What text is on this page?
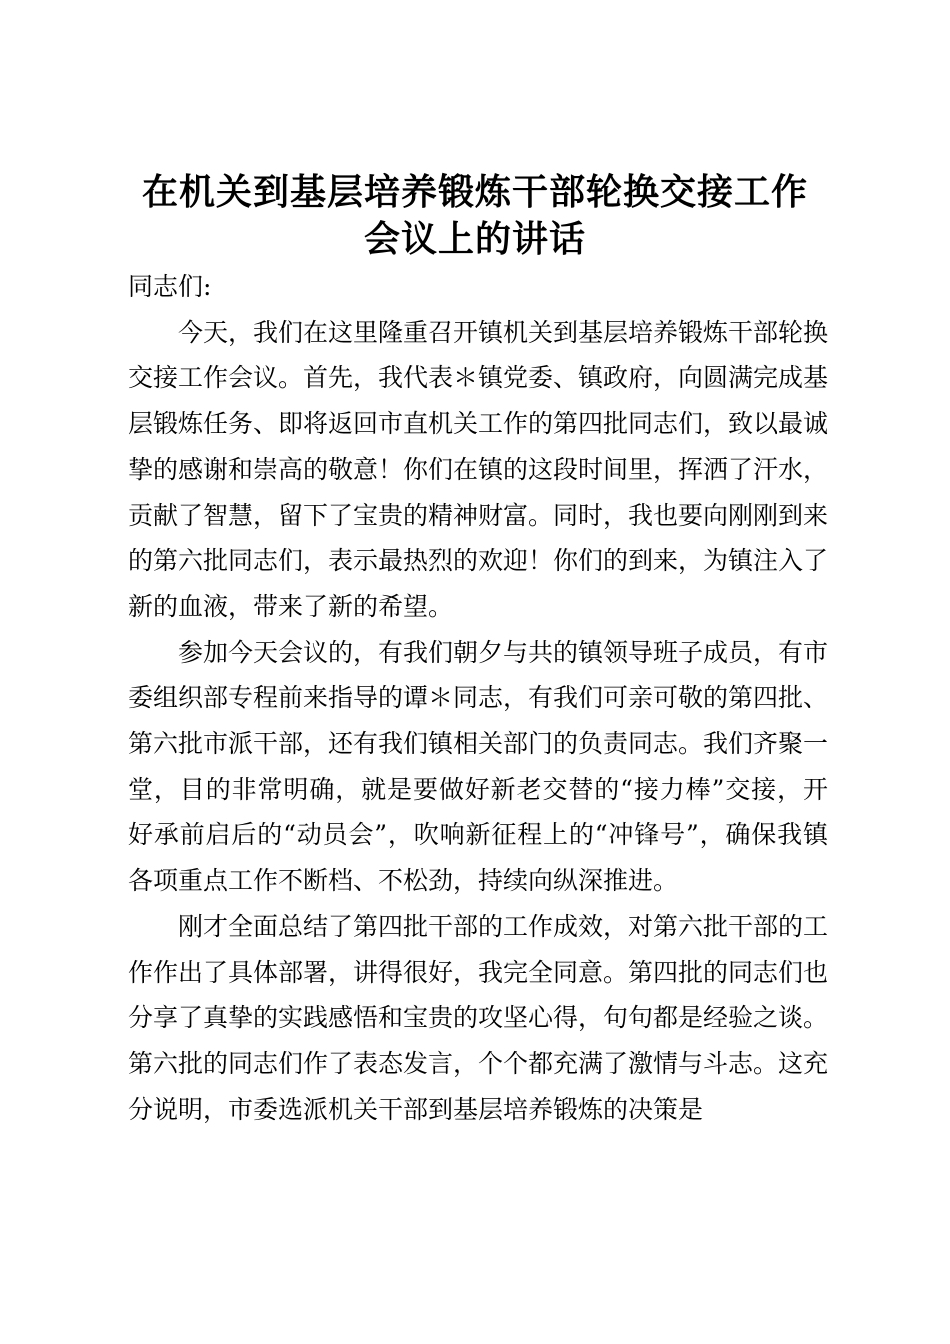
在机关到基层培养锻炼干部轮换交接工作
会议上的讲话

同志们:

今天，我们在这里隆重召开镇机关到基层培养锻炼干部轮换交接工作会议。首先，我代表＊镇党委、镇政府，向圆满完成基层锻炼任务、即将返回市直机关工作的第四批同志们，致以最诚挚的感谢和崇高的敬意！你们在镇的这段时间里，挥洒了汗水，贡献了智慧，留下了宝贵的精神财富。同时，我也要向刚刚到来的第六批同志们，表示最热烈的欢迎！你们的到来，为镇注入了新的血液，带来了新的希望。

参加今天会议的，有我们朝夕与共的镇领导班子成员，有市委组织部专程前来指导的谭＊同志，有我们可亲可敬的第四批、第六批市派干部，还有我们镇相关部门的负责同志。我们齐聚一堂，目的非常明确，就是要做好新老交替的“接力棒”交接，开好承前启后的“动员会”，吹响新征程上的“冲锋号”，确保我镇各项重点工作不断档、不松劲，持续向纵深推进。

刚才全面总结了第四批干部的工作成效，对第六批干部的工作作出了具体部署，讲得很好，我完全同意。第四批的同志们也分享了真挚的实践感悟和宝贵的攻坚心得，句句都是经验之谈。第六批的同志们作了表态发言，个个都充满了激情与斗志。这充分说明，市委选派机关干部到基层培养锻炼的决策是
